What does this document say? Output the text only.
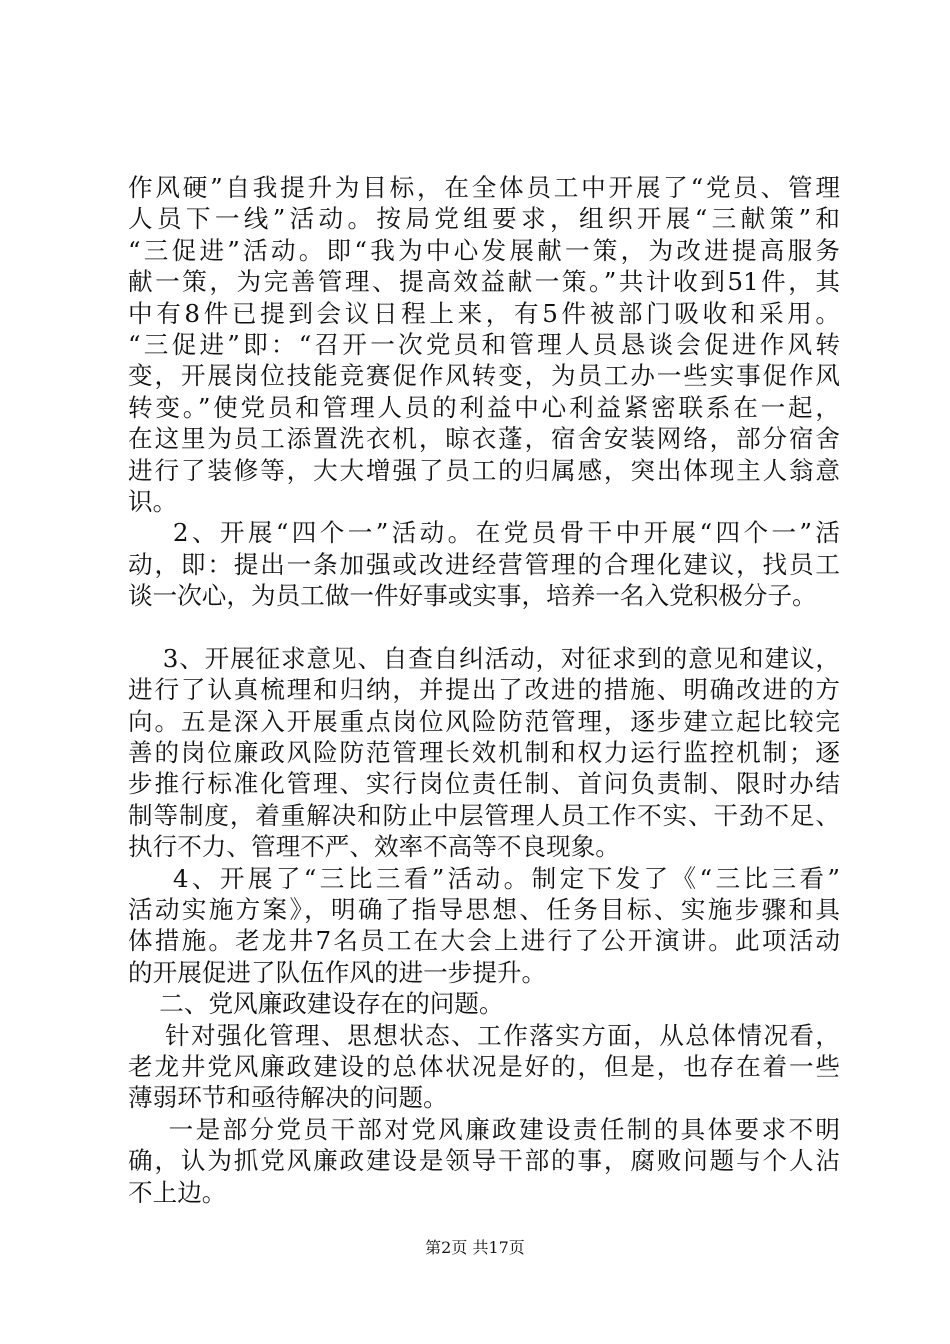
作风硬”自我提升为目标，在全体员工中开展了“党员、管理
人员下一线”活动。按局党组要求，组织开展“三献策”和
“三促进”活动。即“我为中心发展献一策，为改进提高服务
献一策，为完善管理、提高效益献一策。”共计收到51件，其
中有8件已提到会议日程上来，有5件被部门吸收和采用。
“三促进”即：“召开一次党员和管理人员恳谈会促进作风转
变，开展岗位技能竞赛促作风转变，为员工办一些实事促作风
转变。”使党员和管理人员的利益中心利益紧密联系在一起，
在这里为员工添置洗衣机，晾衣蓬，宿舍安装网络，部分宿舍
进行了装修等，大大增强了员工的归属感，突出体现主人翁意
识。
2、开展“四个一”活动。在党员骨干中开展“四个一”活
动，即：提出一条加强或改进经营管理的合理化建议，找员工
谈一次心，为员工做一件好事或实事，培养一名入党积极分子。
3、开展征求意见、自查自纠活动，对征求到的意见和建议，
进行了认真梳理和归纳，并提出了改进的措施、明确改进的方
向。五是深入开展重点岗位风险防范管理，逐步建立起比较完
善的岗位廉政风险防范管理长效机制和权力运行监控机制；逐
步推行标准化管理、实行岗位责任制、首问负责制、限时办结
制等制度，着重解决和防止中层管理人员工作不实、干劲不足、
执行不力、管理不严、效率不高等不良现象。
4、开展了“三比三看”活动。制定下发了《“三比三看”
活动实施方案》，明确了指导思想、任务目标、实施步骤和具
体措施。老龙井7名员工在大会上进行了公开演讲。此项活动
的开展促进了队伍作风的进一步提升。
二、党风廉政建设存在的问题。
针对强化管理、思想状态、工作落实方面，从总体情况看，
老龙井党风廉政建设的总体状况是好的，但是，也存在着一些
薄弱环节和亟待解决的问题。
一是部分党员干部对党风廉政建设责任制的具体要求不明
确，认为抓党风廉政建设是领导干部的事，腐败问题与个人沾
不上边。
第2页 共17页
